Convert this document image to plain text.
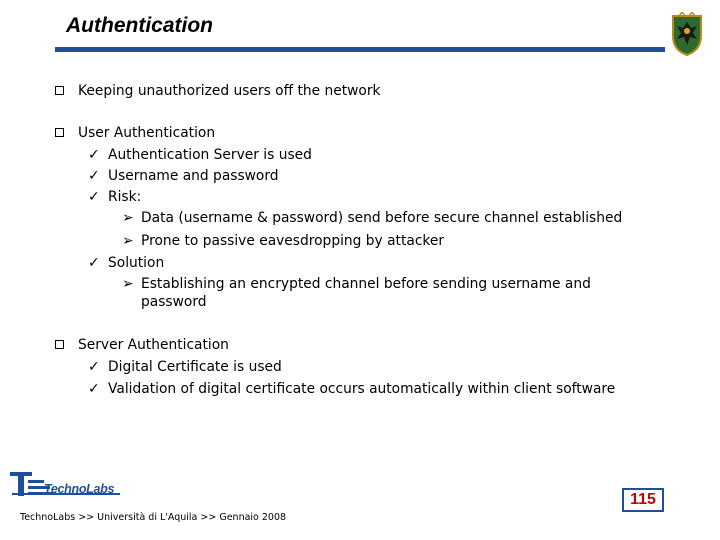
Authentication
Keeping unauthorized users off the network
User Authentication
✓ Authentication Server is used
✓ Username and password
✓ Risk:
➢ Data (username & password) send before secure channel established
➢ Prone to passive eavesdropping by attacker
✓ Solution
➢ Establishing an encrypted channel before sending username and
password
Server Authentication
✓ Digital Certificate is used
✓ Validation of digital certificate occurs automatically within client software
TechnoLabs
TechnoLabs >> Università di L'Aquila >> Gennaio 2008
115
